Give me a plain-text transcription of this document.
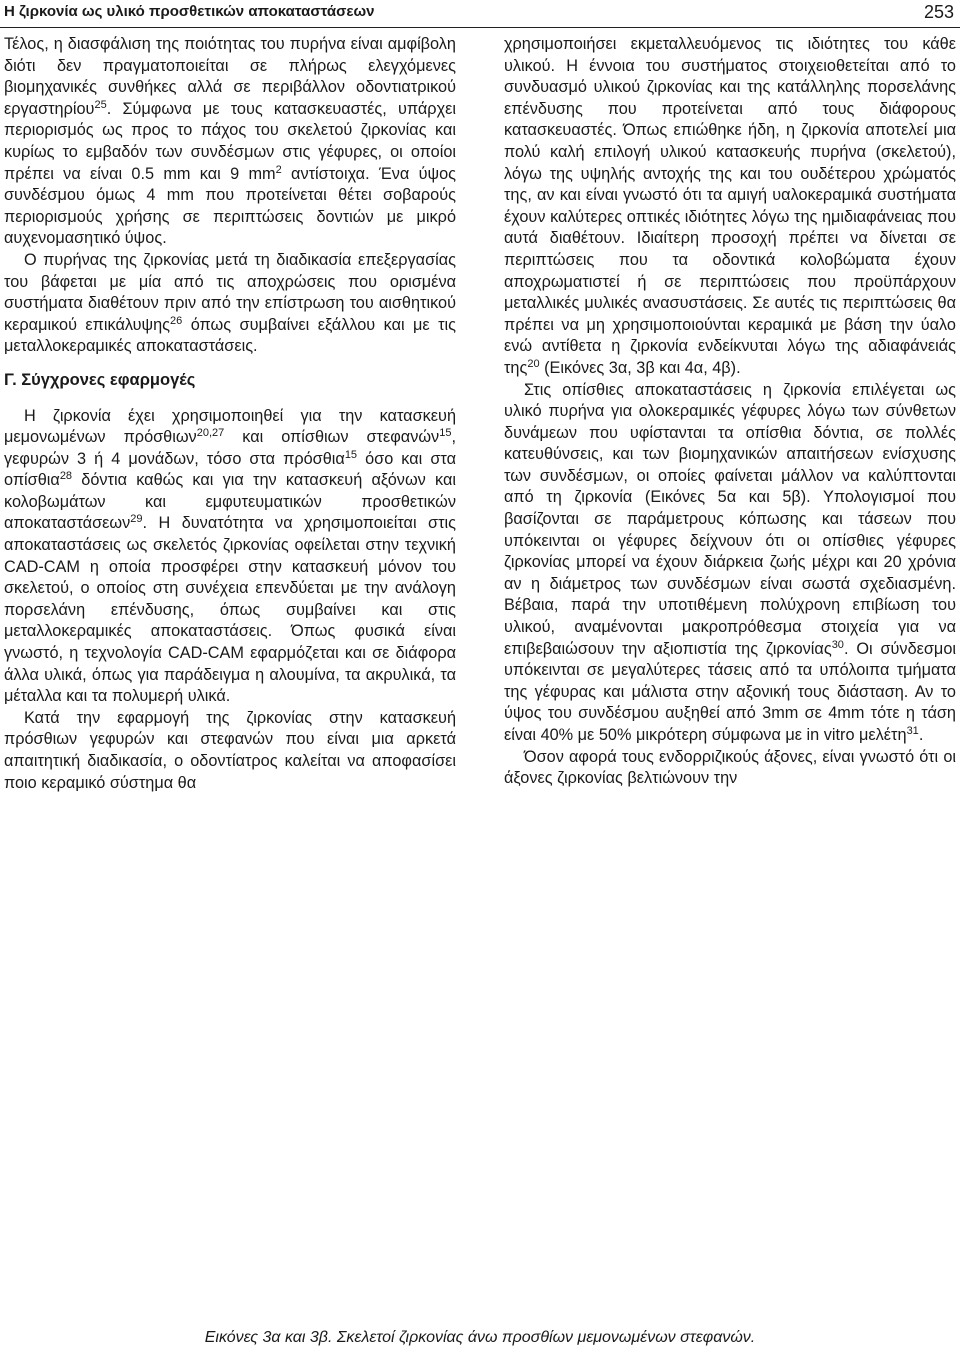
Η ζιρκονία ως υλικό προσθετικών αποκαταστάσεων	253

Τέλος, η διασφάλιση της ποιότητας του πυρήνα είναι αμφίβολη διότι δεν πραγματοποιείται σε πλήρως ελεγχόμενες βιομηχανικές συνθήκες αλλά σε περιβάλλον οδοντιατρικού εργαστηρίου$^{25}$. Σύμφωνα με τους κατασκευαστές, υπάρχει περιορισμός ως προς το πάχος του σκελετού ζιρκονίας και κυρίως το εμβαδόν των συνδέσμων στις γέφυρες, οι οποίοι πρέπει να είναι 0.5 mm και 9 $mm^2$ αντίστοιχα. Ένα ύψος συνδέσμου όμως 4 mm που προτείνεται θέτει σοβαρούς περιορισμούς χρήσης σε περιπτώσεις δοντιών με μικρό αυχενομασητικό ύψος.

Ο πυρήνας της ζιρκονίας μετά τη διαδικασία επεξεργασίας του βάφεται με μία από τις αποχρώσεις που ορισμένα συστήματα διαθέτουν πριν από την επίστρωση του αισθητικού κεραμικού επικάλυψης$^{26}$ όπως συμβαίνει εξάλλου και με τις μεταλλοκεραμικές αποκαταστάσεις.

Γ. Σύγχρονες εφαρμογές

Η ζιρκονία έχει χρησιμοποιηθεί για την κατασκευή μεμονωμένων πρόσθιων$^{20,27}$ και οπίσθιων στεφανών$^{15}$, γεφυρών 3 ή 4 μονάδων, τόσο στα πρόσθια$^{15}$ όσο και στα οπίσθια$^{28}$ δόντια καθώς και για την κατασκευή αξόνων και κολοβωμάτων και εμφυτευματικών προσθετικών αποκαταστάσεων$^{29}$. Η δυνατότητα να χρησιμοποιείται στις αποκαταστάσεις ως σκελετός ζιρκονίας οφείλεται στην τεχνική CAD-CAM η οποία προσφέρει στην κατασκευή μόνον του σκελετού, ο οποίος στη συνέχεια επενδύεται με την ανάλογη πορσελάνη επένδυσης, όπως συμβαίνει και στις μεταλλοκεραμικές αποκαταστάσεις. Όπως φυσικά είναι γνωστό, η τεχνολογία CAD-CAM εφαρμόζεται και σε διάφορα άλλα υλικά, όπως για παράδειγμα η αλουμίνα, τα ακρυλικά, τα μέταλλα και τα πολυμερή υλικά.

Κατά την εφαρμογή της ζιρκονίας στην κατασκευή πρόσθιων γεφυρών και στεφανών που είναι μια αρκετά απαιτητική διαδικασία, ο οδοντίατρος καλείται να αποφασίσει ποιο κεραμικό σύστημα θα

χρησιμοποιήσει εκμεταλλευόμενος τις ιδιότητες του κάθε υλικού. Η έννοια του συστήματος στοιχειοθετείται από το συνδυασμό υλικού ζιρκονίας και της κατάλληλης πορσελάνης επένδυσης που προτείνεται από τους διάφορους κατασκευαστές. Όπως επιώθηκε ήδη, η ζιρκονία αποτελεί μια πολύ καλή επιλογή υλικού κατασκευής πυρήνα (σκελετού), λόγω της υψηλής αντοχής της και του ουδέτερου χρώματός της, αν και είναι γνωστό ότι τα αμιγή υαλοκεραμικά συστήματα έχουν καλύτερες οπτικές ιδιότητες λόγω της ημιδιαφάνειας που αυτά διαθέτουν. Ιδιαίτερη προσοχή πρέπει να δίνεται σε περιπτώσεις που τα οδοντικά κολοβώματα έχουν αποχρωματιστεί ή σε περιπτώσεις που προϋπάρχουν μεταλλικές μυλικές ανασυστάσεις. Σε αυτές τις περιπτώσεις θα πρέπει να μη χρησιμοποιούνται κεραμικά με βάση την ύαλο ενώ αντίθετα η ζιρκονία ενδείκνυται λόγω της αδιαφάνειάς της$^{20}$ (Εικόνες 3α, 3β και 4α, 4β).

Στις οπίσθιες αποκαταστάσεις η ζιρκονία επιλέγεται ως υλικό πυρήνα για ολοκεραμικές γέφυρες λόγω των σύνθετων δυνάμεων που υφίστανται τα οπίσθια δόντια, σε πολλές κατευθύνσεις, και των βιομηχανικών απαιτήσεων ενίσχυσης των συνδέσμων, οι οποίες φαίνεται μάλλον να καλύπτονται από τη ζιρκονία (Εικόνες 5α και 5β). Υπολογισμοί που βασίζονται σε παράμετρους κόπωσης και τάσεων που υπόκεινται οι γέφυρες δείχνουν ότι οι οπίσθιες γέφυρες ζιρκονίας μπορεί να έχουν διάρκεια ζωής μέχρι και 20 χρόνια αν η διάμετρος των συνδέσμων είναι σωστά σχεδιασμένη. Βέβαια, παρά την υποτιθέμενη πολύχρονη επιβίωση του υλικού, αναμένονται μακροπρόθεσμα στοιχεία για να επιβεβαιώσουν την αξιοπιστία της ζιρκονίας$^{30}$. Οι σύνδεσμοι υπόκεινται σε μεγαλύτερες τάσεις από τα υπόλοιπα τμήματα της γέφυρας και μάλιστα στην αξονική τους διάσταση. Αν το ύψος του συνδέσμου αυξηθεί από 3mm σε 4mm τότε η τάση είναι 40% με 50% μικρότερη σύμφωνα με in vitro μελέτη$^{31}$.

Όσον αφορά τους ενδορριζικούς άξονες, είναι γνωστό ότι οι άξονες ζιρκονίας βελτιώνουν την

Εικόνες 3α και 3β. Σκελετοί ζιρκονίας άνω προσθίων μεμονωμένων στεφανών.
